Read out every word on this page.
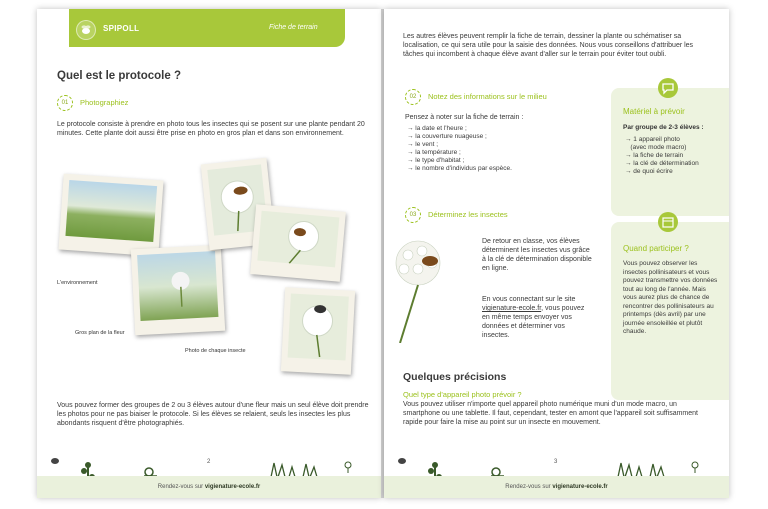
SPIPOLL	Fiche de terrain
Quel est le protocole ?
01	Photographiez
Le protocole consiste à prendre en photo tous les insectes qui se posent sur une plante pendant 20 minutes. Cette plante doit aussi être prise en photo en gros plan et dans son environnement.
L'environnement
Gros plan de la fleur
Photo de chaque insecte
Vous pouvez former des groupes de 2 ou 3 élèves autour d'une fleur mais un seul élève doit prendre les photos pour ne pas biaiser le protocole. Si les élèves se relaient, seuls les insectes les plus abondants risquent d'être photographiés.
2
Rendez-vous sur vigienature-ecole.fr
Les autres élèves peuvent remplir la fiche de terrain, dessiner la plante ou schématiser sa localisation, ce qui sera utile pour la saisie des données. Nous vous conseillons d'attribuer les tâches qui incombent à chaque élève avant d'aller sur le terrain pour éviter tout oubli.
02	Notez des informations sur le milieu
Pensez à noter sur la fiche de terrain :
→ la date et l'heure ;
→ la couverture nuageuse ;
→ le vent ;
→ la température ;
→ le type d'habitat ;
→ le nombre d'individus par espèce.
03	Déterminez les insectes
De retour en classe, vos élèves déterminent les insectes vus grâce à la clé de détermination disponible en ligne.
En vous connectant sur le site vigienature-ecole.fr, vous pouvez en même temps envoyer vos données et déterminer vos insectes.
Quelques précisions
Quel type d'appareil photo prévoir ?
Vous pouvez utiliser n'importe quel appareil photo numérique muni d'un mode macro, un smartphone ou une tablette. Il faut, cependant, tester en amont que l'appareil soit suffisamment rapide pour faire la mise au point sur un insecte en mouvement.
Matériel à prévoir
Par groupe de 2-3 élèves :
→ 1 appareil photo
(avec mode macro)
→ la fiche de terrain
→ la clé de détermination
→ de quoi écrire
Quand participer ?
Vous pouvez observer les insectes pollinisateurs et vous pouvez transmettre vos données tout au long de l'année. Mais vous aurez plus de chance de rencontrer des pollinisateurs au printemps (dès avril) par une journée ensoleillée et plutôt chaude.
3
Rendez-vous sur vigienature-ecole.fr
